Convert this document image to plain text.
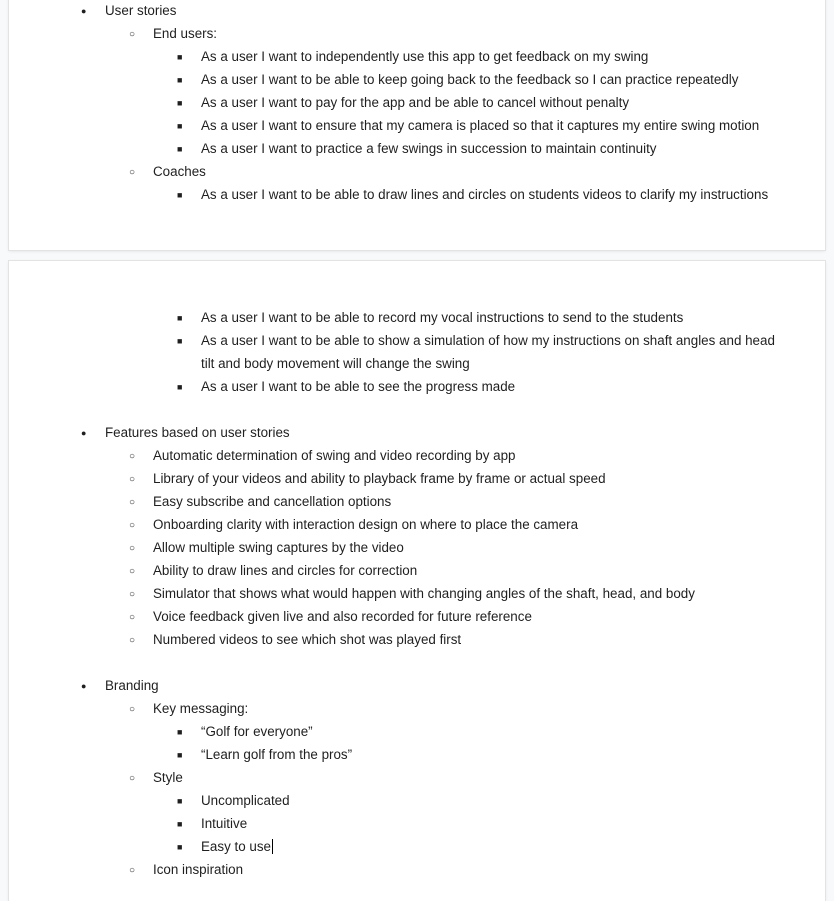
●
User stories
○
End users:
■
As a user I want to independently use this app to get feedback on my swing
■
As a user I want to be able to keep going back to the feedback so I can practice repeatedly
■
As a user I want to pay for the app and be able to cancel without penalty
■
As a user I want to ensure that my camera is placed so that it captures my entire swing motion
■
As a user I want to practice a few swings in succession to maintain continuity
○
Coaches
■
As a user I want to be able to draw lines and circles on students videos to clarify my instructions
■
As a user I want to be able to record my vocal instructions to send to the students
■
As a user I want to be able to show a simulation of how my instructions on shaft angles and head
tilt and body movement will change the swing
■
As a user I want to be able to see the progress made
●
Features based on user stories
○
Automatic determination of swing and video recording by app
○
Library of your videos and ability to playback frame by frame or actual speed
○
Easy subscribe and cancellation options
○
Onboarding clarity with interaction design on where to place the camera
○
Allow multiple swing captures by the video
○
Ability to draw lines and circles for correction
○
Simulator that shows what would happen with changing angles of the shaft, head, and body
○
Voice feedback given live and also recorded for future reference
○
Numbered videos to see which shot was played first
●
Branding
○
Key messaging:
■
“Golf for everyone”
■
“Learn golf from the pros”
○
Style
■
Uncomplicated
■
Intuitive
■
Easy to use
○
Icon inspiration
